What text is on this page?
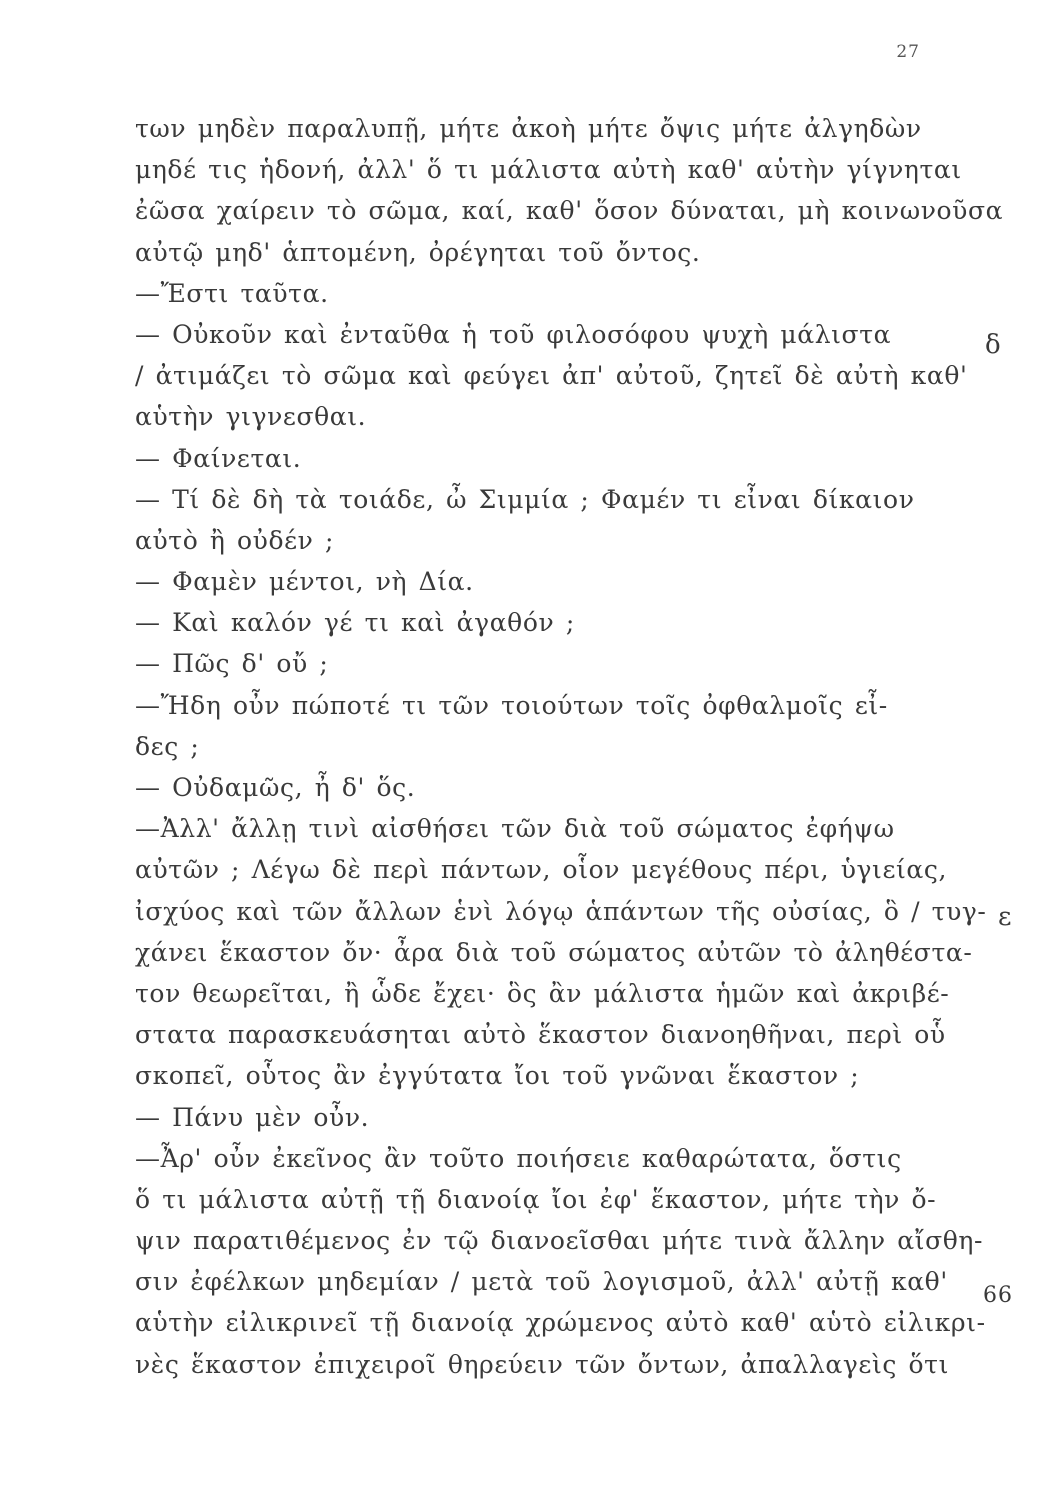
27
των μηδὲν παραλυπῇ, μήτε ἀκοὴ μήτε ὄψις μήτε ἀλγηδὼν
μηδέ τις ἡδονή, ἀλλ' ὅ τι μάλιστα αὐτὴ καθ' αὑτὴν γίγνηται
ἐῶσα χαίρειν τὸ σῶμα, καί, καθ' ὅσον δύναται, μὴ κοινωνοῦσα
αὐτῷ μηδ' ἁπτομένη, ὀρέγηται τοῦ ὄντος.
—Ἔστι ταῦτα.
— Οὐκοῦν καὶ ἐνταῦθα ἡ τοῦ φιλοσόφου ψυχὴ μάλιστα
/ ἀτιμάζει τὸ σῶμα καὶ φεύγει ἀπ' αὐτοῦ, ζητεῖ δὲ αὐτὴ καθ'
αὑτὴν γιγνεσθαι.
— Φαίνεται.
— Τί δὲ δὴ τὰ τοιάδε, ὦ Σιμμία ; Φαμέν τι εἶναι δίκαιον
αὐτὸ ἢ οὐδέν ;
— Φαμὲν μέντοι, νὴ Δία.
— Καὶ καλόν γέ τι καὶ ἀγαθόν ;
— Πῶς δ' οὔ ;
—Ἤδη οὖν πώποτέ τι τῶν τοιούτων τοῖς ὀφθαλμοῖς εἶ-
δες ;
— Οὐδαμῶς, ἦ δ' ὅς.
—Ἀλλ' ἄλλῃ τινὶ αἰσθήσει τῶν διὰ τοῦ σώματος ἐφήψω
αὐτῶν ; Λέγω δὲ περὶ πάντων, οἷον μεγέθους πέρι, ὑγιείας,
ἰσχύος καὶ τῶν ἄλλων ἑνὶ λόγῳ ἁπάντων τῆς οὐσίας, ὃ / τυγ-
χάνει ἕκαστον ὄν· ἆρα διὰ τοῦ σώματος αὐτῶν τὸ ἀληθέστα-
τον θεωρεῖται, ἢ ὧδε ἔχει· ὃς ἂν μάλιστα ἡμῶν καὶ ἀκριβέ-
στατα παρασκευάσηται αὐτὸ ἕκαστον διανοηθῆναι, περὶ οὗ
σκοπεῖ, οὗτος ἂν ἐγγύτατα ἴοι τοῦ γνῶναι ἕκαστον ;
— Πάνυ μὲν οὖν.
—Ἆρ' οὖν ἐκεῖνος ἂν τοῦτο ποιήσειε καθαρώτατα, ὅστις
ὅ τι μάλιστα αὐτῇ τῇ διανοίᾳ ἴοι ἐφ' ἕκαστον, μήτε τὴν ὄ-
ψιν παρατιθέμενος ἐν τῷ διανοεῖσθαι μήτε τινὰ ἄλλην αἴσθη-
σιν ἐφέλκων μηδεμίαν / μετὰ τοῦ λογισμοῦ, ἀλλ' αὐτῇ καθ'
αὑτὴν εἰλικρινεῖ τῇ διανοίᾳ χρώμενος αὐτὸ καθ' αὑτὸ εἰλικρι-
νὲς ἕκαστον ἐπιχειροῖ θηρεύειν τῶν ὄντων, ἀπαλλαγεὶς ὅτι
δ
ε
66
